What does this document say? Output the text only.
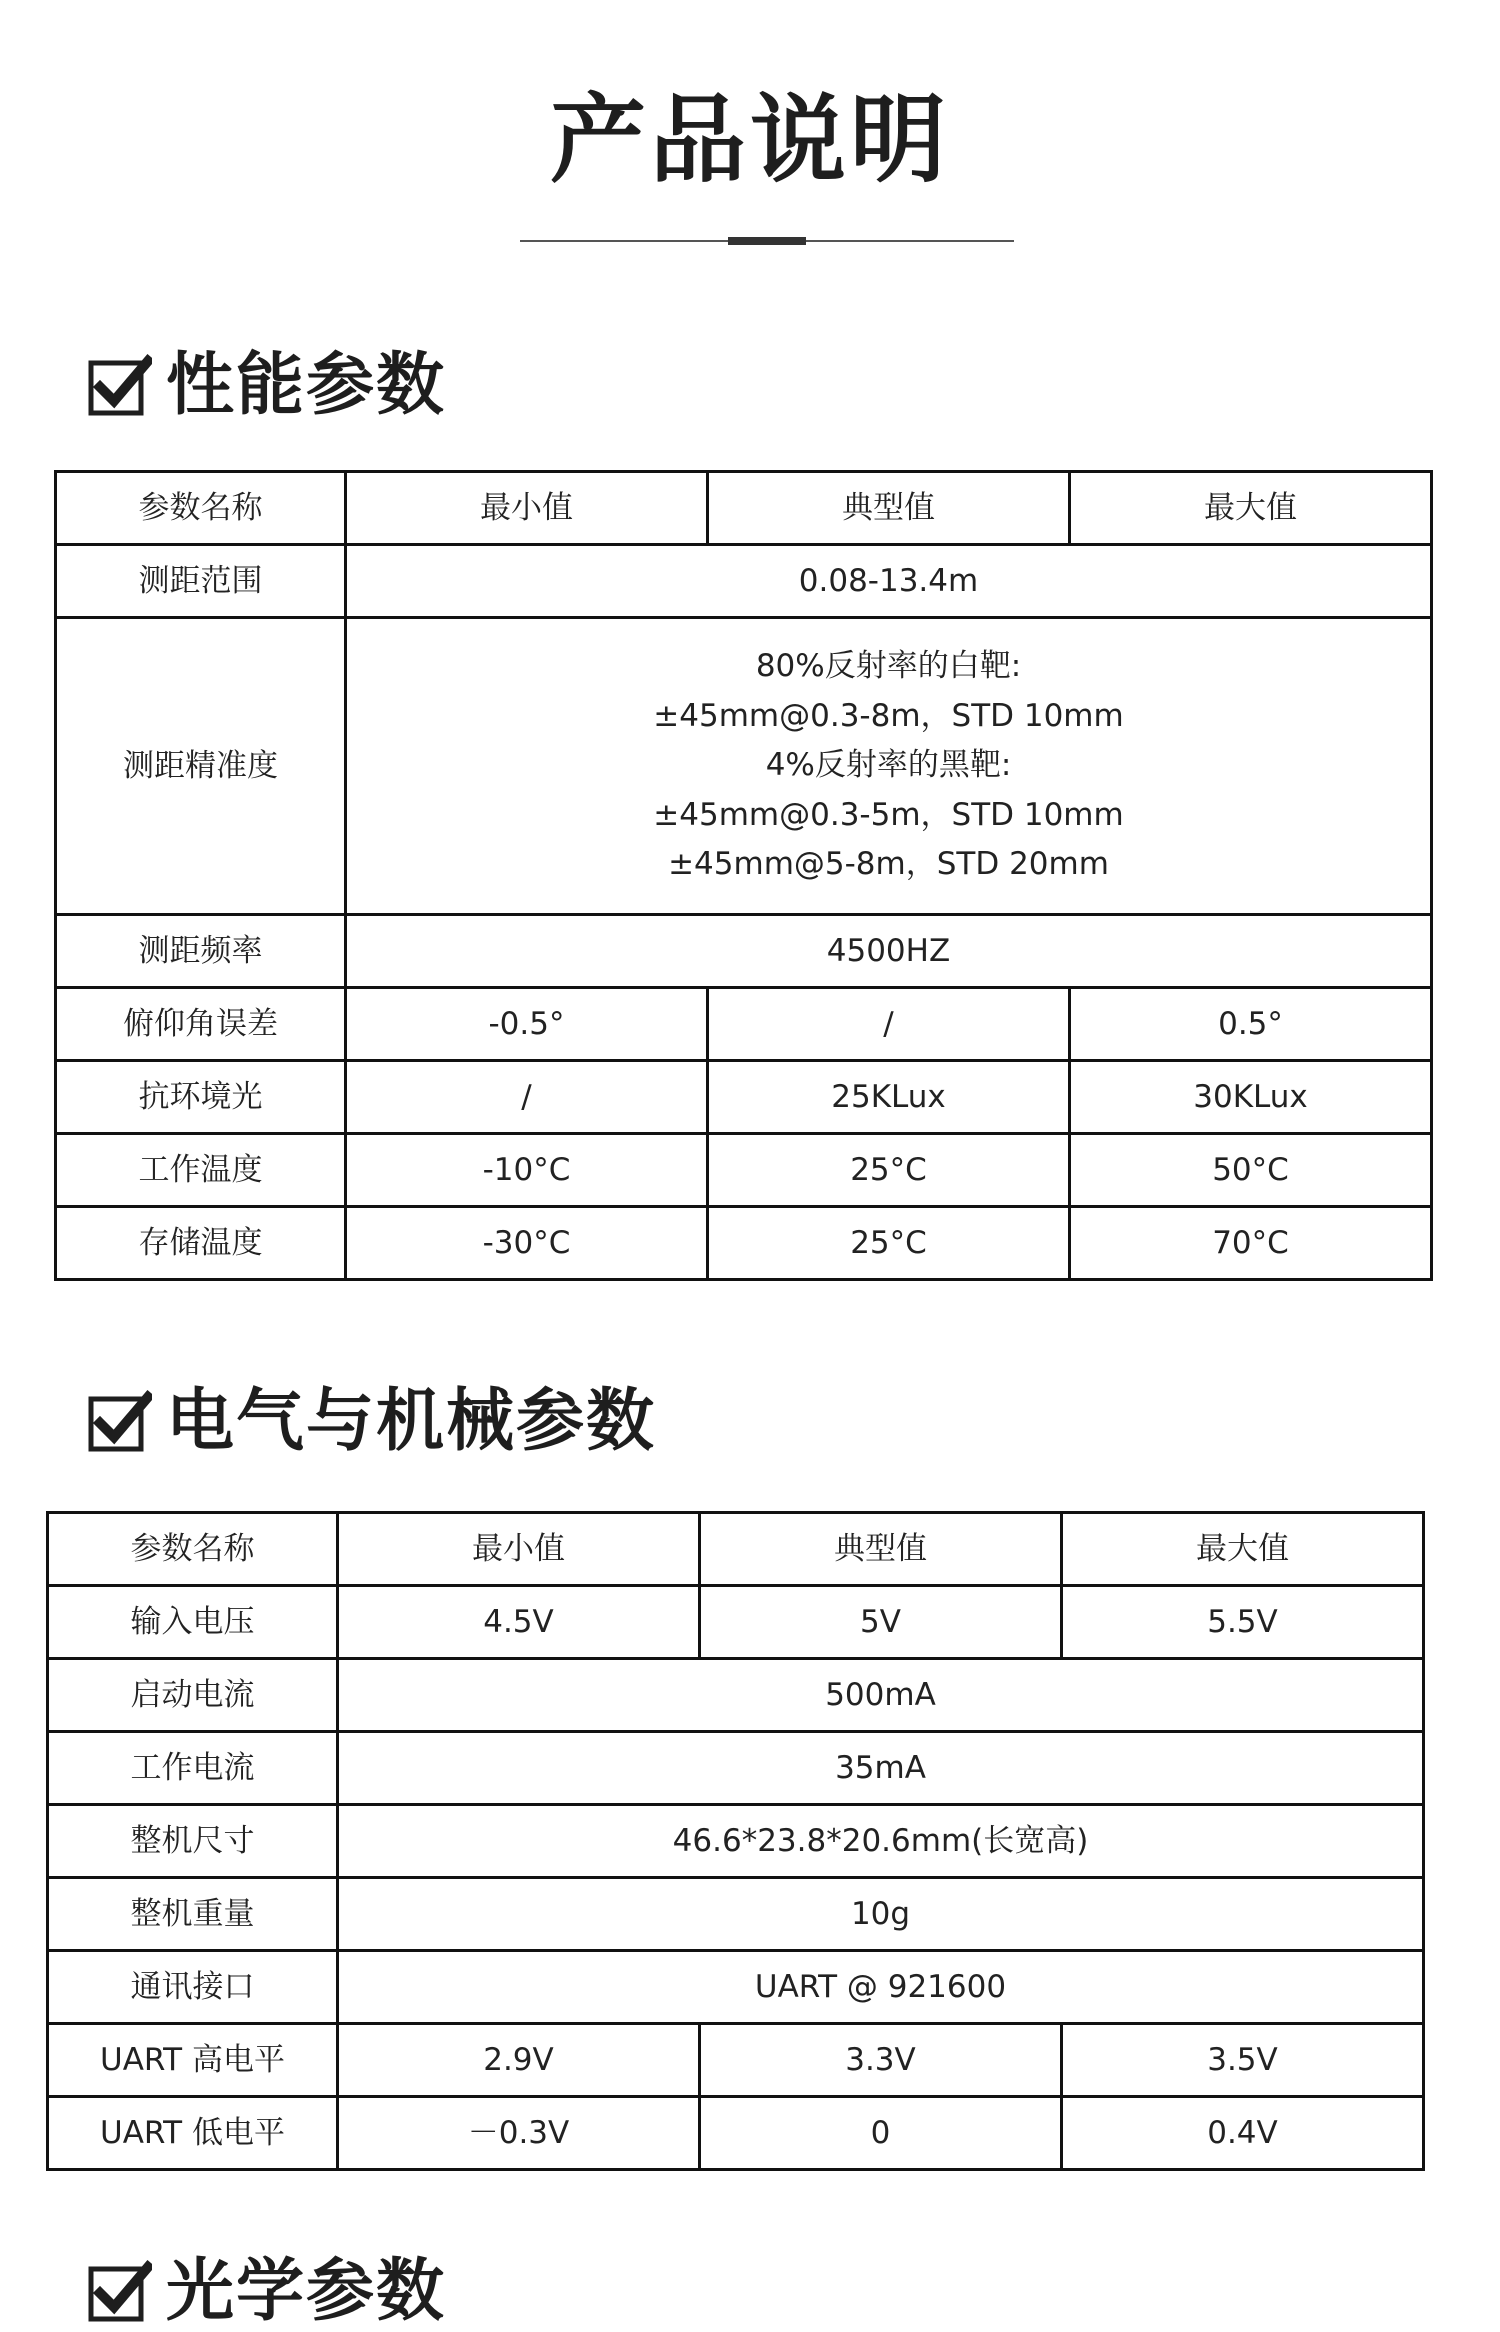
产品说明
性能参数
参数名称	最小值	典型值	最大值
测距范围	0.08-13.4m		
测距精准度	80%反射率的白靶:
±45mm@0.3-8m，STD 10mm
4%反射率的黑靶:
±45mm@0.3-5m，STD 10mm
±45mm@5-8m，STD 20mm		

测距频率	4500HZ		
俯仰角误差	-0.5°	/	0.5°
抗环境光	/	25KLux	30KLux
工作温度	-10°C	25°C	50°C
存储温度	-30°C	25°C	70°C
电气与机械参数
参数名称	最小值	典型值	最大值
输入电压	4.5V	5V	5.5V
启动电流	500mA		
工作电流	35mA		
整机尺寸	46.6*23.8*20.6mm(长宽高)		
整机重量	10g		
通讯接口	UART @ 921600		
UART 高电平	2.9V	3.3V	3.5V
UART 低电平	－0.3V	0	0.4V
光学参数
